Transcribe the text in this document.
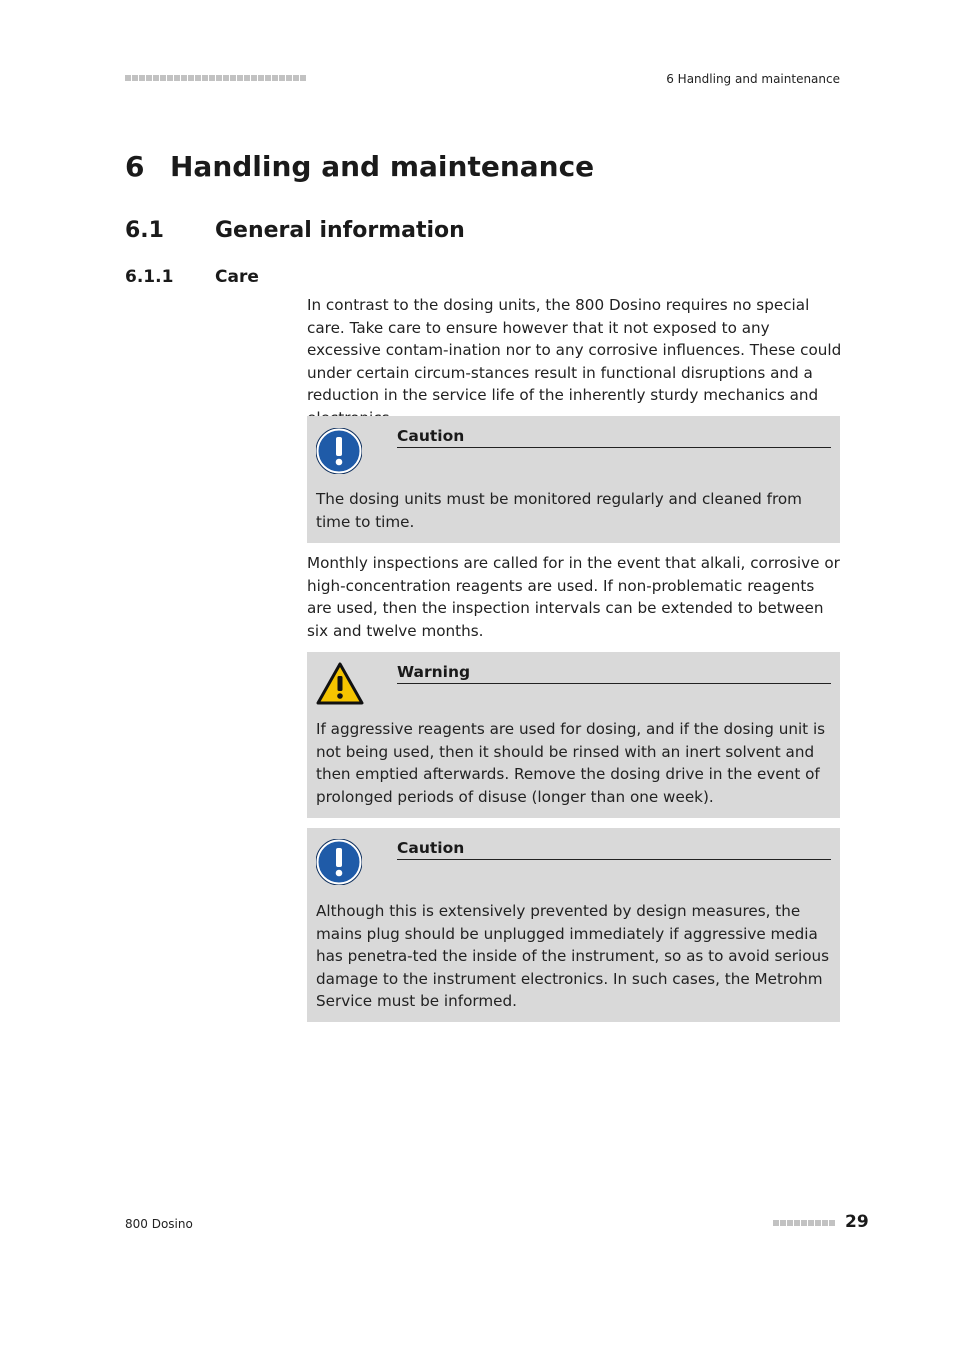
6 Handling and maintenance
6 Handling and maintenance
6.1 General information
6.1.1 Care

In contrast to the dosing units, the 800 Dosino requires no special care. Take care to ensure however that it not exposed to any excessive contam-ination nor to any corrosive influences. These could under certain circum-stances result in functional disruptions and a reduction in the service life of the inherently sturdy mechanics and

Caution

The dosing units must be monitored regularly and cleaned from time to time.

Monthly inspections are called for in the event that alkali, corrosive or high-concentration reagents are used. If non-problematic reagents are used, then the inspection intervals can be extended to between six and twelve months.

Warning

If aggressive reagents are used for dosing, and if the dosing unit is not being used, then it should be rinsed with an inert solvent and then emptied afterwards. Remove the dosing drive in the event of prolonged periods of disuse (longer than one week).

Caution

Although this is extensively prevented by design measures, the mains plug should be unplugged immediately if aggressive media has penetra-ted the inside of the instrument, so as to avoid serious damage to the instrument electronics. In such cases, the Metrohm Service must be informed.

800 Dosino	29
